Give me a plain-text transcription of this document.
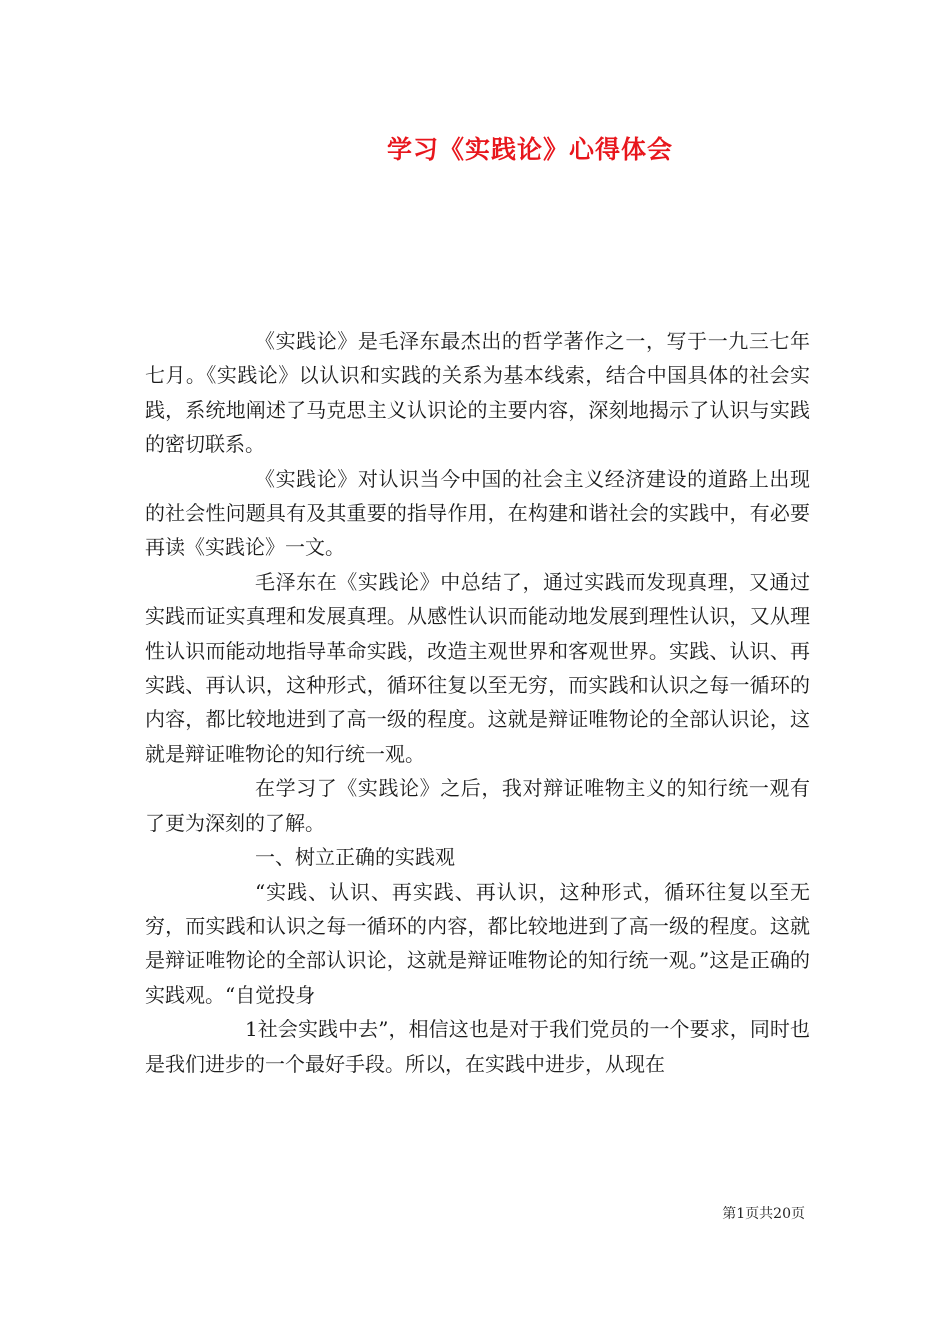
学习《实践论》心得体会

《实践论》是毛泽东最杰出的哲学著作之一，写于一九三七年七月。《实践论》以认识和实践的关系为基本线索，结合中国具体的社会实践，系统地阐述了马克思主义认识论的主要内容，深刻地揭示了认识与实践的密切联系。

《实践论》对认识当今中国的社会主义经济建设的道路上出现的社会性问题具有及其重要的指导作用，在构建和谐社会的实践中，有必要再读《实践论》一文。

毛泽东在《实践论》中总结了，通过实践而发现真理，又通过实践而证实真理和发展真理。从感性认识而能动地发展到理性认识，又从理性认识而能动地指导革命实践，改造主观世界和客观世界。实践、认识、再实践、再认识，这种形式，循环往复以至无穷，而实践和认识之每一循环的内容，都比较地进到了高一级的程度。这就是辩证唯物论的全部认识论，这就是辩证唯物论的知行统一观。

在学习了《实践论》之后，我对辩证唯物主义的知行统一观有了更为深刻的了解。

一、树立正确的实践观

“实践、认识、再实践、再认识，这种形式，循环往复以至无穷，而实践和认识之每一循环的内容，都比较地进到了高一级的程度。这就是辩证唯物论的全部认识论，这就是辩证唯物论的知行统一观。”这是正确的实践观。“自觉投身

1社会实践中去”，相信这也是对于我们党员的一个要求，同时也是我们进步的一个最好手段。所以，在实践中进步，从现在

第1页共20页
